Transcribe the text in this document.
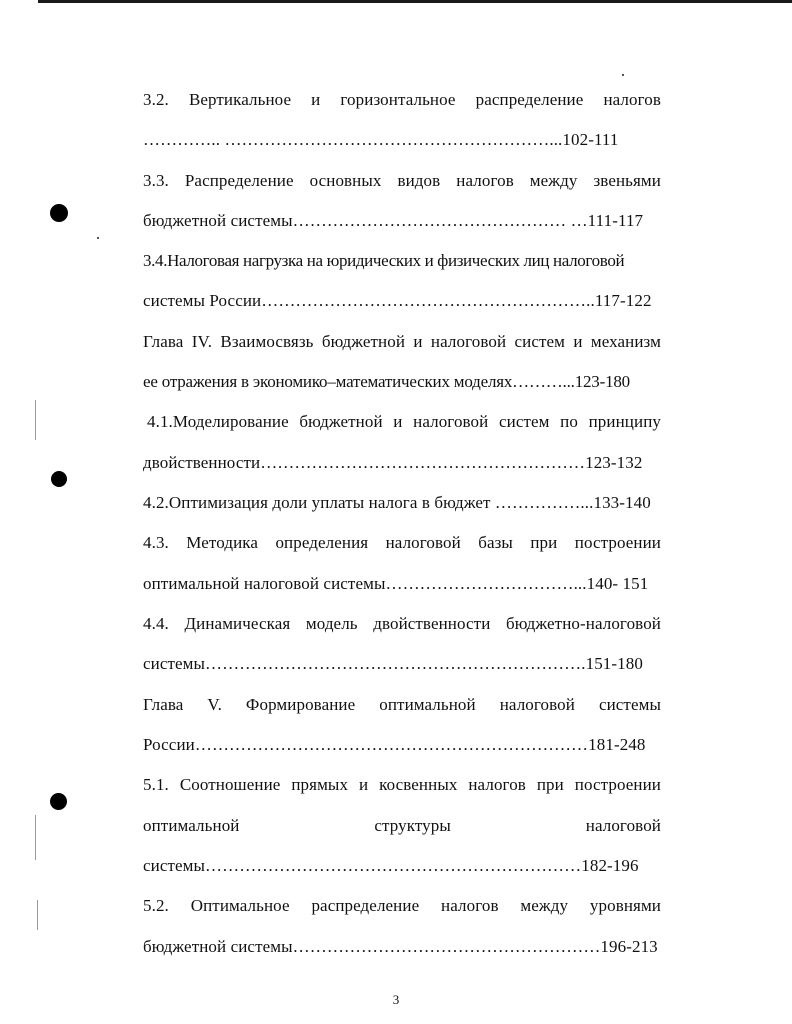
3.2. Вертикальное и горизонтальное распределение налогов
………….. …………………………………………………...102-111
3.3. Распределение основных видов налогов между звеньями
бюджетной системы………………………………………… …111-117
3.4.Налоговая нагрузка на юридических и физических лиц налоговой
системы России…………………………………………………..117-122
Глава IV. Взаимосвязь бюджетной и налоговой систем и механизм
ее отражения в экономико–математических моделях………...123-180
4.1.Моделирование бюджетной и налоговой систем по принципу
двойственности…………………………………………………123-132
4.2.Оптимизация доли уплаты налога в бюджет ……………...133-140
4.3. Методика определения налоговой базы при построении
оптимальной налоговой системы……………………………...140- 151
4.4. Динамическая модель двойственности бюджетно-налоговой
системы………………………………………………………….151-180
Глава V. Формирование оптимальной налоговой системы
России……………………………………………………………181-248
5.1. Соотношение прямых и косвенных налогов при построении
оптимальной структуры налоговой
системы…………………………………………………………182-196
5.2. Оптимальное распределение налогов между уровнями
бюджетной системы………………………………………………196-213
3
